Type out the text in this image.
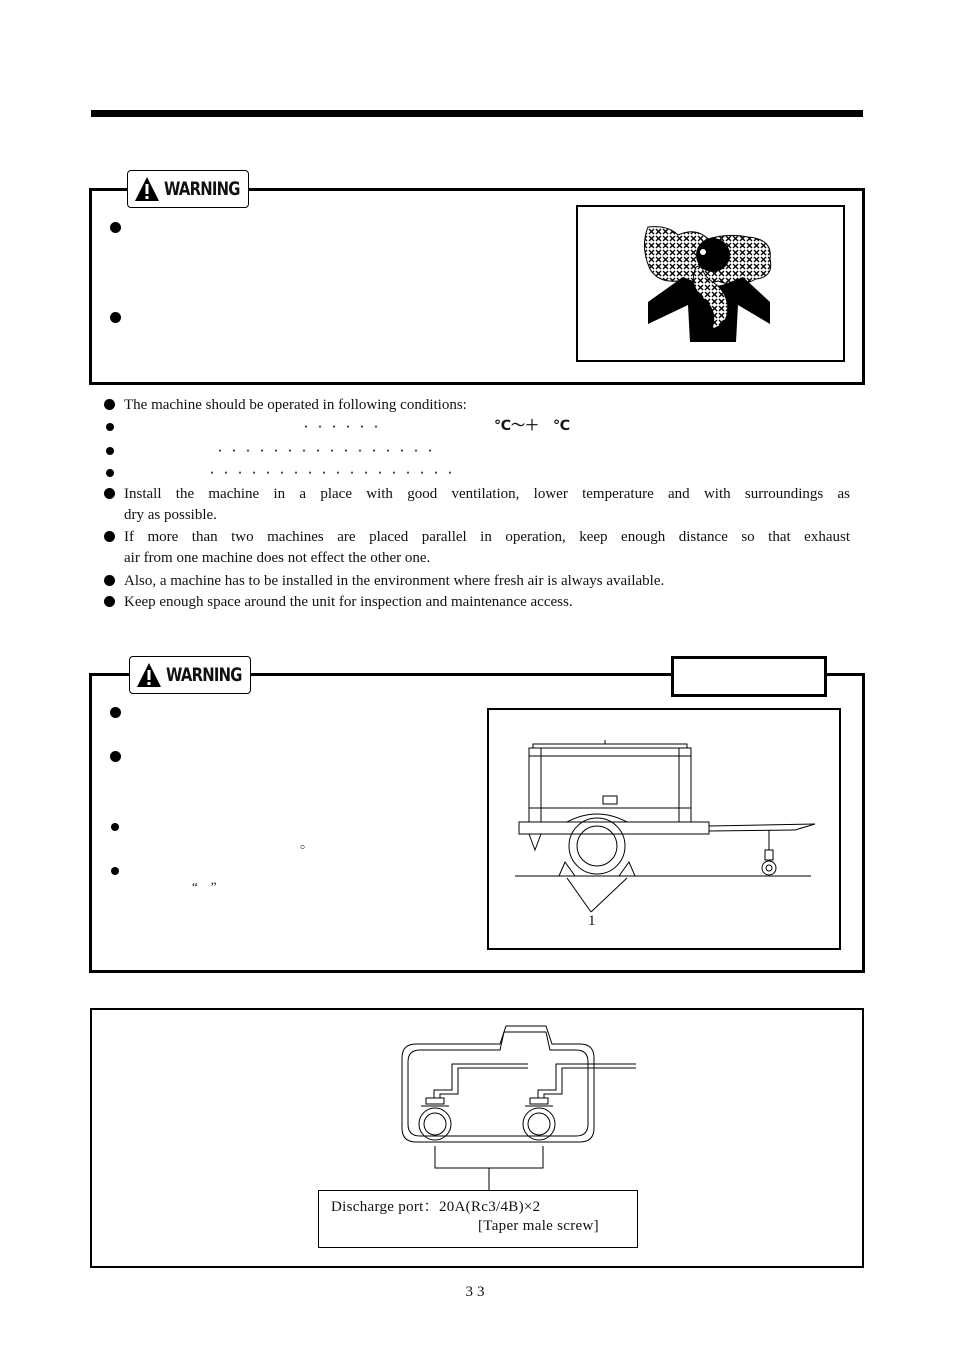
WARNING
The machine should be operated in following conditions:
・・・・・・	℃～＋　℃
・・・・・・・・・・・・・・・・
・・・・・・・・・・・・・・・・・・
Install the machine in a place with good ventilation, lower temperature and with surroundings as
dry as possible.
If more than two machines are placed parallel in operation, keep enough distance so that exhaust
air from one machine does not effect the other one.
Also, a machine has to be installed in the environment where fresh air is always available.
Keep enough space around the unit for inspection and maintenance access.
WARNING
。
“　”
1
Discharge port：20A(Rc3/4B)×2
[Taper male screw]
33
